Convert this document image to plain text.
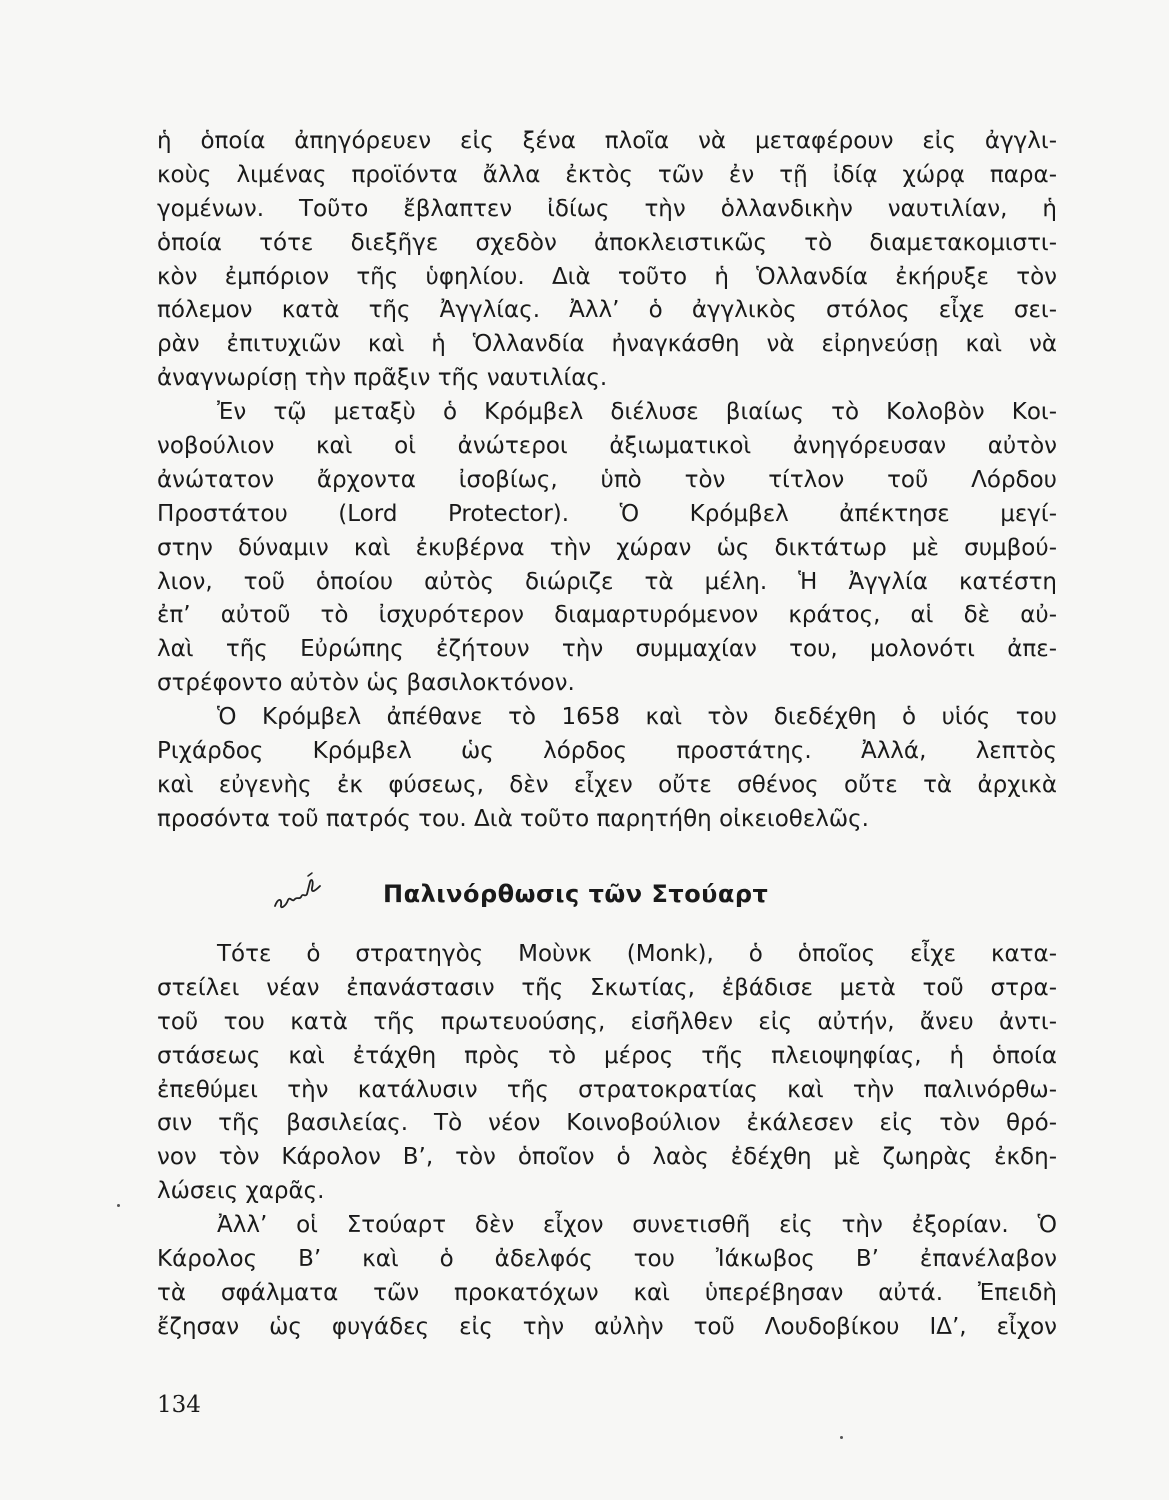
ἡ ὁποία ἀπηγόρευεν εἰς ξένα πλοῖα νὰ μεταφέρουν εἰς ἀγγλι-
κοὺς λιμένας προϊόντα ἄλλα ἐκτὸς τῶν ἐν τῇ ἰδίᾳ χώρᾳ παρα-
γομένων. Τοῦτο ἔβλαπτεν ἰδίως τὴν ὁλλανδικὴν ναυτιλίαν, ἡ
ὁποία τότε διεξῆγε σχεδὸν ἀποκλειστικῶς τὸ διαμετακομιστι-
κὸν ἐμπόριον τῆς ὑφηλίου. Διὰ τοῦτο ἡ Ὁλλανδία ἐκήρυξε τὸν
πόλεμον κατὰ τῆς Ἀγγλίας. Ἀλλ’ ὁ ἀγγλικὸς στόλος εἶχε σει-
ρὰν ἐπιτυχιῶν καὶ ἡ Ὁλλανδία ἠναγκάσθη νὰ εἰρηνεύσῃ καὶ νὰ
ἀναγνωρίσῃ τὴν πρᾶξιν τῆς ναυτιλίας.
Ἐν τῷ μεταξὺ ὁ Κρόμβελ διέλυσε βιαίως τὸ Κολοβὸν Κοι-
νοβούλιον καὶ οἱ ἀνώτεροι ἀξιωματικοὶ ἀνηγόρευσαν αὐτὸν
ἀνώτατον ἄρχοντα ἰσοβίως, ὑπὸ τὸν τίτλον τοῦ Λόρδου
Προστάτου (Lord Protector). Ὁ Κρόμβελ ἀπέκτησε μεγί-
στην δύναμιν καὶ ἐκυβέρνα τὴν χώραν ὡς δικτάτωρ μὲ συμβού-
λιον, τοῦ ὁποίου αὐτὸς διώριζε τὰ μέλη. Ἡ Ἀγγλία κατέστη
ἐπ’ αὐτοῦ τὸ ἰσχυρότερον διαμαρτυρόμενον κράτος, αἱ δὲ αὐ-
λαὶ τῆς Εὐρώπης ἐζήτουν τὴν συμμαχίαν του, μολονότι ἀπε-
στρέφοντο αὐτὸν ὡς βασιλοκτόνον.
Ὁ Κρόμβελ ἀπέθανε τὸ 1658 καὶ τὸν διεδέχθη ὁ υἱός του
Ριχάρδος Κρόμβελ ὡς λόρδος προστάτης. Ἀλλά, λεπτὸς
καὶ εὐγενὴς ἐκ φύσεως, δὲν εἶχεν οὔτε σθένος οὔτε τὰ ἀρχικὰ
προσόντα τοῦ πατρός του. Διὰ τοῦτο παρητήθη οἰκειοθελῶς.
Παλινόρθωσις τῶν Στούαρτ
Τότε ὁ στρατηγὸς Μοὺνκ (Monk), ὁ ὁποῖος εἶχε κατα-
στείλει νέαν ἐπανάστασιν τῆς Σκωτίας, ἐβάδισε μετὰ τοῦ στρα-
τοῦ του κατὰ τῆς πρωτευούσης, εἰσῆλθεν εἰς αὐτήν, ἄνευ ἀντι-
στάσεως καὶ ἐτάχθη πρὸς τὸ μέρος τῆς πλειοψηφίας, ἡ ὁποία
ἐπεθύμει τὴν κατάλυσιν τῆς στρατοκρατίας καὶ τὴν παλινόρθω-
σιν τῆς βασιλείας. Τὸ νέον Κοινοβούλιον ἐκάλεσεν εἰς τὸν θρό-
νον τὸν Κάρολον Β’, τὸν ὁποῖον ὁ λαὸς ἐδέχθη μὲ ζωηρὰς ἐκδη-
λώσεις χαρᾶς.
Ἀλλ’ οἱ Στούαρτ δὲν εἶχον συνετισθῆ εἰς τὴν ἐξορίαν. Ὁ
Κάρολος Β’ καὶ ὁ ἀδελφός του Ἰάκωβος Β’ ἐπανέλαβον
τὰ σφάλματα τῶν προκατόχων καὶ ὑπερέβησαν αὐτά. Ἐπειδὴ
ἔζησαν ὡς φυγάδες εἰς τὴν αὐλὴν τοῦ Λουδοβίκου ΙΔ’, εἶχον
134
